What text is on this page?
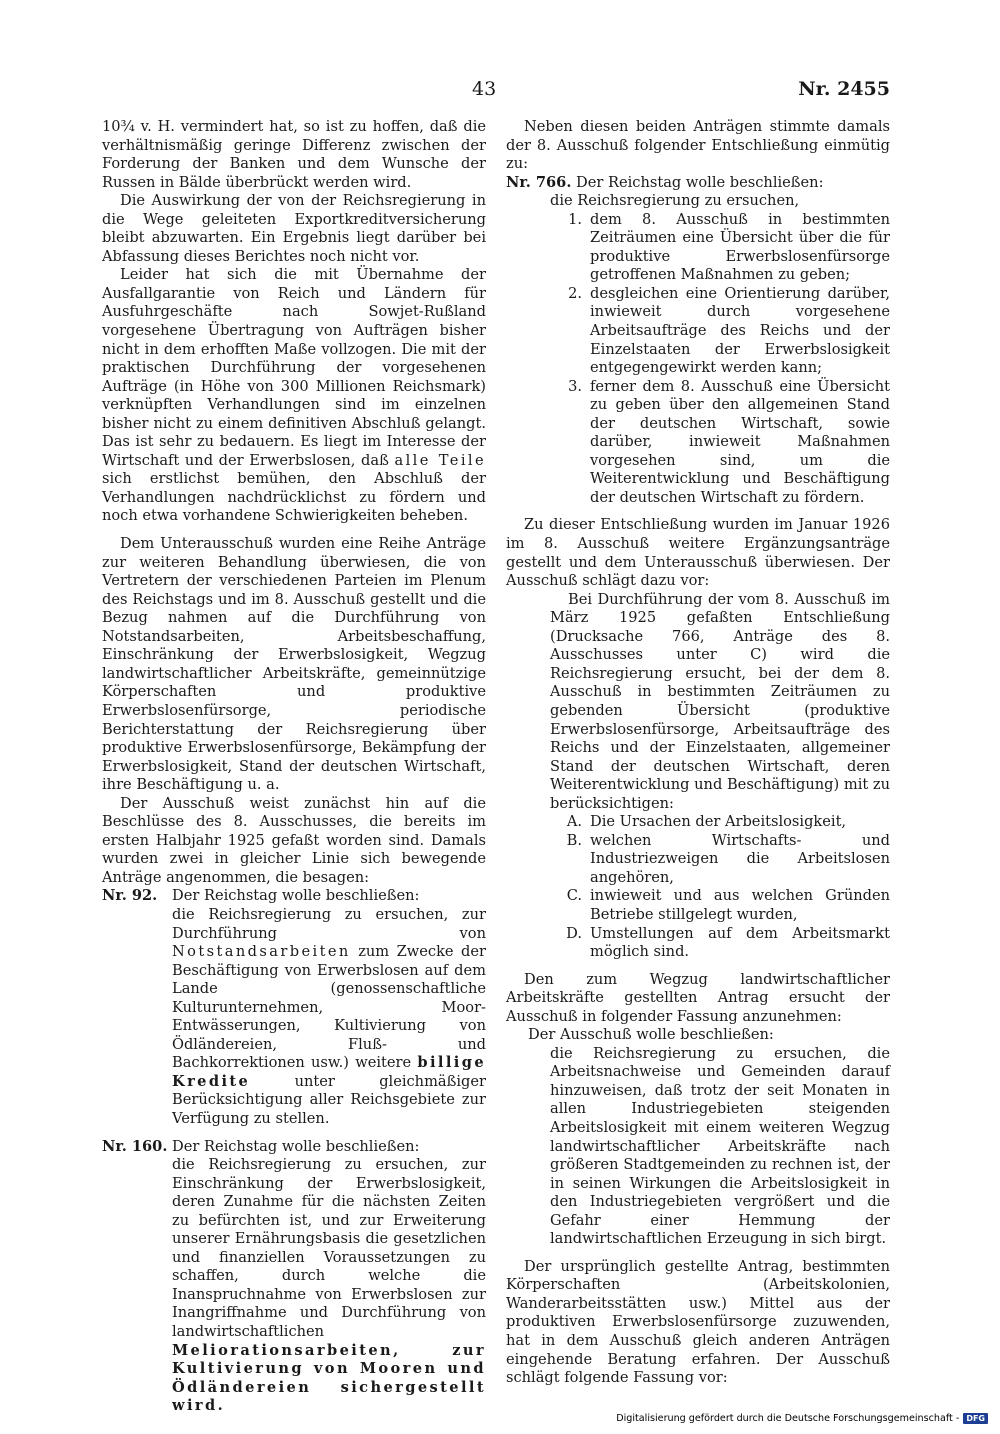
43	Nr. 2455

10¾ v. H. vermindert hat, so ist zu hoffen, daß die verhältnismäßig geringe Differenz zwischen der Forderung der Banken und dem Wunsche der Russen in Bälde überbrückt werden wird.

Die Auswirkung der von der Reichsregierung in die Wege geleiteten Exportkreditversicherung bleibt abzuwarten. Ein Ergebnis liegt darüber bei Abfassung dieses Berichtes noch nicht vor.

Leider hat sich die mit Übernahme der Ausfallgarantie von Reich und Ländern für Ausfuhrgeschäfte nach Sowjet-Rußland vorgesehene Übertragung von Aufträgen bisher nicht in dem erhofften Maße vollzogen. Die mit der praktischen Durchführung der vorgesehenen Aufträge (in Höhe von 300 Millionen Reichsmark) verknüpften Verhandlungen sind im einzelnen bisher nicht zu einem definitiven Abschluß gelangt. Das ist sehr zu bedauern. Es liegt im Interesse der Wirtschaft und der Erwerbslosen, daß alle Teile sich erstlichst bemühen, den Abschluß der Verhandlungen nachdrücklichst zu fördern und noch etwa vorhandene Schwierigkeiten beheben.

Dem Unterausschuß wurden eine Reihe Anträge zur weiteren Behandlung überwiesen, die von Vertretern der verschiedenen Parteien im Plenum des Reichstags und im 8. Ausschuß gestellt und die Bezug nahmen auf die Durchführung von Notstandsarbeiten, Arbeitsbeschaffung, Einschränkung der Erwerbslosigkeit, Wegzug landwirtschaftlicher Arbeitskräfte, gemeinnützige Körperschaften und produktive Erwerbslosenfürsorge, periodische Berichterstattung der Reichsregierung über produktive Erwerbslosenfürsorge, Bekämpfung der Erwerbslosigkeit, Stand der deutschen Wirtschaft, ihre Beschäftigung u. a.

Der Ausschuß weist zunächst hin auf die Beschlüsse des 8. Ausschusses, die bereits im ersten Halbjahr 1925 gefaßt worden sind. Damals wurden zwei in gleicher Linie sich bewegende Anträge angenommen, die besagen:

Nr. 92.	Der Reichstag wolle beschließen:

die Reichsregierung zu ersuchen, zur Durchführung von Notstandsarbeiten zum Zwecke der Beschäftigung von Erwerbslosen auf dem Lande (genossenschaftliche Kulturunternehmen, Moor-Entwässerungen, Kultivierung von Ödländereien, Fluß- und Bachkorrektionen usw.) weitere billige Kredite	unter gleichmäßiger Berücksichtigung aller Reichsgebiete zur Verfügung zu stellen.

Nr. 160. Der Reichstag wolle beschließen:

die Reichsregierung zu ersuchen, zur Einschränkung der Erwerbslosigkeit, deren Zunahme für die nächsten Zeiten zu befürchten ist, und zur Erweiterung unserer Ernährungsbasis die gesetzlichen und finanziellen Voraussetzungen zu schaffen, durch welche die Inanspruchnahme von Erwerbslosen zur Inangriffnahme und Durchführung von landwirtschaftlichen Meliorationsarbeiten, zur Kultivierung von Mooren und Ödländereien sichergestellt wird.

Neben diesen beiden Anträgen stimmte damals der 8. Ausschuß folgender Entschließung einmütig zu:

Nr. 766. Der Reichstag wolle beschließen:

die Reichsregierung zu ersuchen,

1. dem 8. Ausschuß in bestimmten Zeiträumen eine Übersicht über die für produktive Erwerbslosenfürsorge getroffenen Maßnahmen zu geben;
2. desgleichen eine Orientierung darüber, inwieweit durch vorgesehene Arbeitsaufträge des Reichs und der Einzelstaaten der Erwerbslosigkeit entgegengewirkt werden kann;
3. ferner dem 8. Ausschuß eine Übersicht zu geben über den allgemeinen Stand der deutschen Wirtschaft, sowie darüber, inwieweit Maßnahmen vorgesehen sind, um die Weiterentwicklung und Beschäftigung der deutschen Wirtschaft zu fördern.

Zu dieser Entschließung wurden im Januar 1926 im 8. Ausschuß weitere Ergänzungsanträge gestellt und dem Unterausschuß überwiesen. Der Ausschuß schlägt dazu vor:

Bei Durchführung der vom 8. Ausschuß im März 1925 gefaßten Entschließung (Drucksache 766, Anträge des 8. Ausschusses unter C) wird die Reichsregierung ersucht, bei der dem 8. Ausschuß in bestimmten Zeiträumen zu gebenden Übersicht (produktive Erwerbslosenfürsorge, Arbeitsaufträge des Reichs und der Einzelstaaten, allgemeiner Stand der deutschen Wirtschaft, deren Weiterentwicklung und Beschäftigung) mit zu berücksichtigen:

A. Die Ursachen der Arbeitslosigkeit,
B. welchen Wirtschafts- und Industriezweigen die Arbeitslosen angehören,
C. inwieweit und aus welchen Gründen Betriebe stillgelegt wurden,
D. Umstellungen auf dem Arbeitsmarkt möglich sind.

Den zum Wegzug landwirtschaftlicher Arbeitskräfte gestellten Antrag ersucht der Ausschuß in folgender Fassung anzunehmen:

Der Ausschuß wolle beschließen:

die Reichsregierung zu ersuchen, die Arbeitsnachweise und Gemeinden darauf hinzuweisen, daß trotz der seit Monaten in allen Industriegebieten steigenden Arbeitslosigkeit mit einem weiteren Wegzug landwirtschaftlicher Arbeitskräfte nach größeren Stadtgemeinden zu rechnen ist, der in seinen Wirkungen die Arbeitslosigkeit in den Industriegebieten vergrößert und die Gefahr einer Hemmung der landwirtschaftlichen Erzeugung in sich birgt.

Der ursprünglich gestellte Antrag, bestimmten Körperschaften (Arbeitskolonien, Wanderarbeitsstätten usw.) Mittel aus der produktiven Erwerbslosenfürsorge zuzuwenden, hat in dem Ausschuß gleich anderen Anträgen eingehende Beratung erfahren. Der Ausschuß schlägt folgende Fassung vor:

Digitalisierung gefördert durch die Deutsche Forschungsgemeinschaft - DFG
